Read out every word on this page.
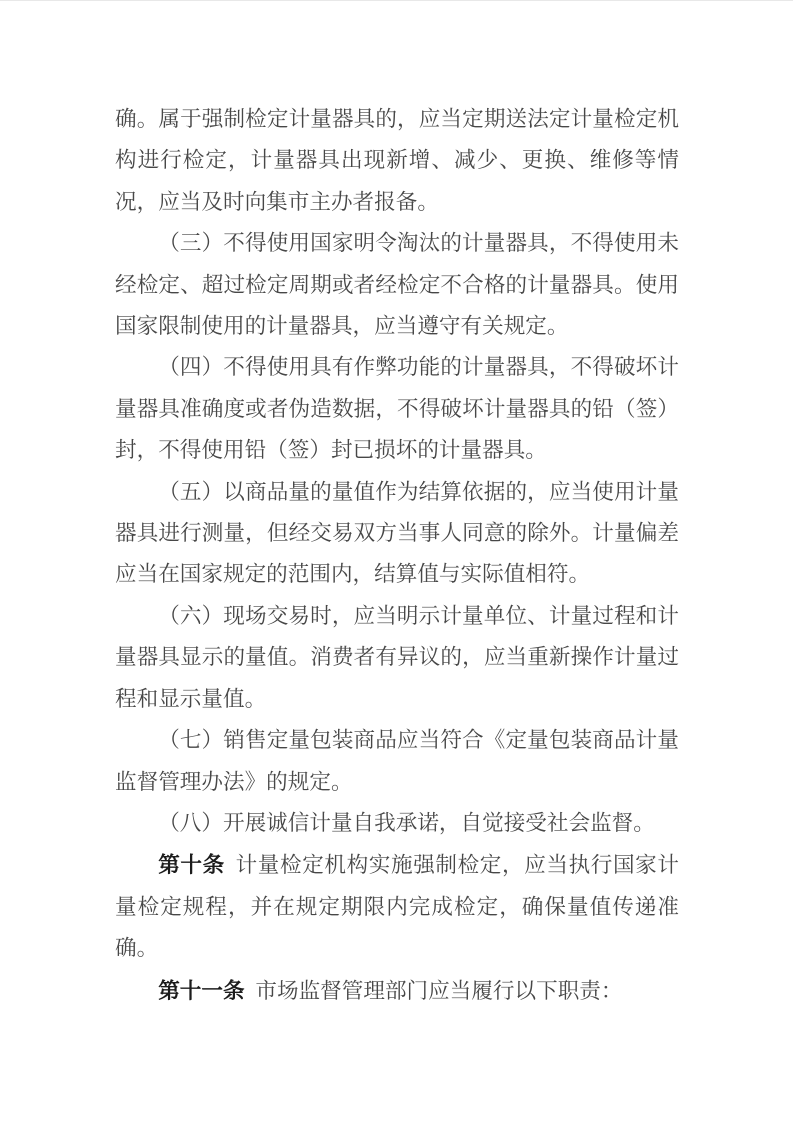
确。属于强制检定计量器具的，应当定期送法定计量检定机构进行检定，计量器具出现新增、减少、更换、维修等情况，应当及时向集市主办者报备。

（三）不得使用国家明令淘汰的计量器具，不得使用未经检定、超过检定周期或者经检定不合格的计量器具。使用国家限制使用的计量器具，应当遵守有关规定。

（四）不得使用具有作弊功能的计量器具，不得破坏计量器具准确度或者伪造数据，不得破坏计量器具的铅（签）封，不得使用铅（签）封已损坏的计量器具。

（五）以商品量的量值作为结算依据的，应当使用计量器具进行测量，但经交易双方当事人同意的除外。计量偏差应当在国家规定的范围内，结算值与实际值相符。

（六）现场交易时，应当明示计量单位、计量过程和计量器具显示的量值。消费者有异议的，应当重新操作计量过程和显示量值。

（七）销售定量包装商品应当符合《定量包装商品计量监督管理办法》的规定。

（八）开展诚信计量自我承诺，自觉接受社会监督。

第十条 计量检定机构实施强制检定，应当执行国家计量检定规程，并在规定期限内完成检定，确保量值传递准确。

第十一条 市场监督管理部门应当履行以下职责：
